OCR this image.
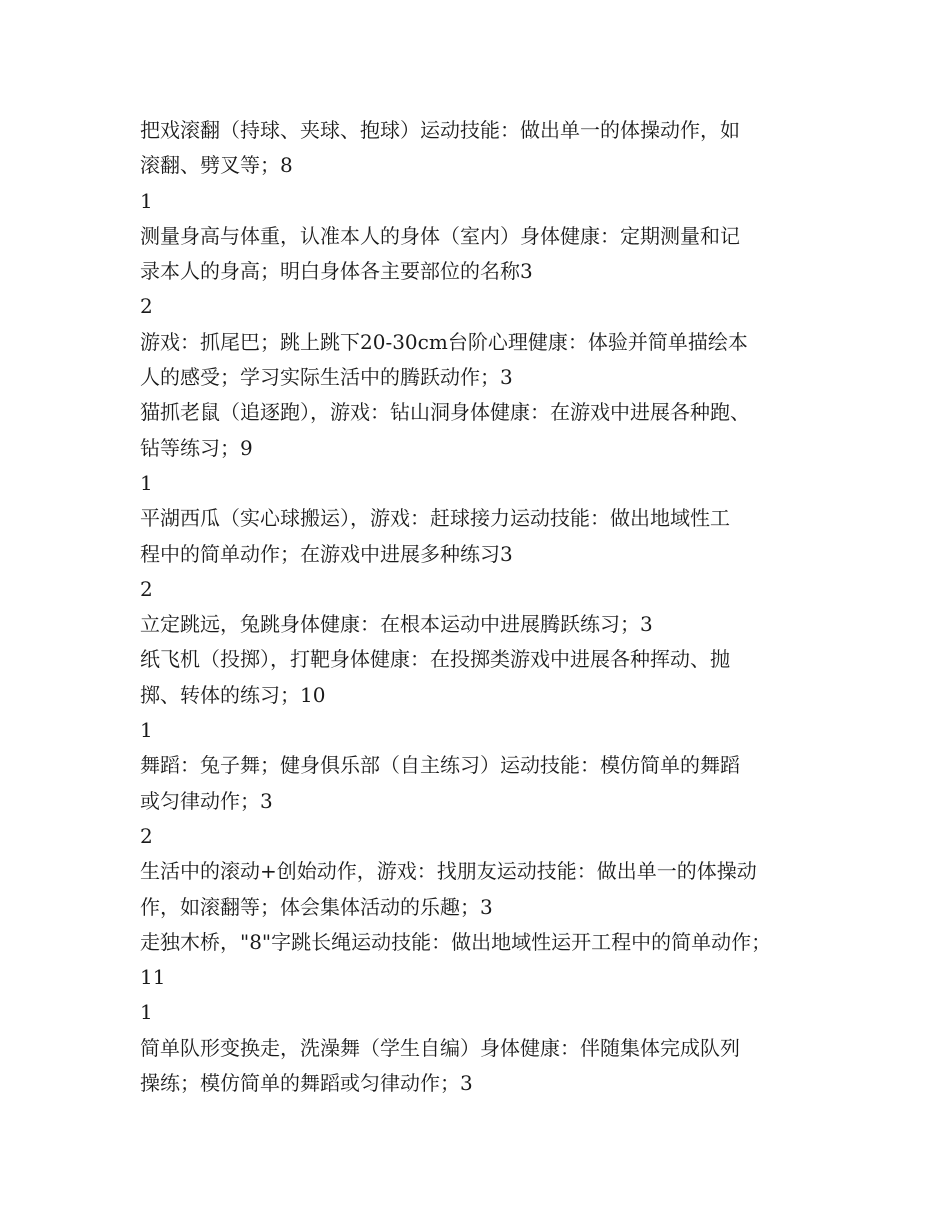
把戏滚翻（持球、夹球、抱球）运动技能：做出单一的体操动作，如
滚翻、劈叉等；8
1
测量身高与体重，认准本人的身体（室内）身体健康：定期测量和记
录本人的身高；明白身体各主要部位的名称3
2
游戏：抓尾巴；跳上跳下20-30cm台阶心理健康：体验并简单描绘本
人的感受；学习实际生活中的腾跃动作；3
猫抓老鼠（追逐跑），游戏：钻山洞身体健康：在游戏中进展各种跑、
钻等练习；9
1
平湖西瓜（实心球搬运），游戏：赶球接力运动技能：做出地域性工
程中的简单动作；在游戏中进展多种练习3
2
立定跳远，兔跳身体健康：在根本运动中进展腾跃练习；3
纸飞机（投掷），打靶身体健康：在投掷类游戏中进展各种挥动、抛
掷、转体的练习；10
1
舞蹈：兔子舞；健身俱乐部（自主练习）运动技能：模仿简单的舞蹈
或匀律动作；3
2
生活中的滚动+创始动作，游戏：找朋友运动技能：做出单一的体操动
作，如滚翻等；体会集体活动的乐趣；3
走独木桥，"8"字跳长绳运动技能：做出地域性运开工程中的简单动作；
11
1
简单队形变换走，洗澡舞（学生自编）身体健康：伴随集体完成队列
操练；模仿简单的舞蹈或匀律动作；3
